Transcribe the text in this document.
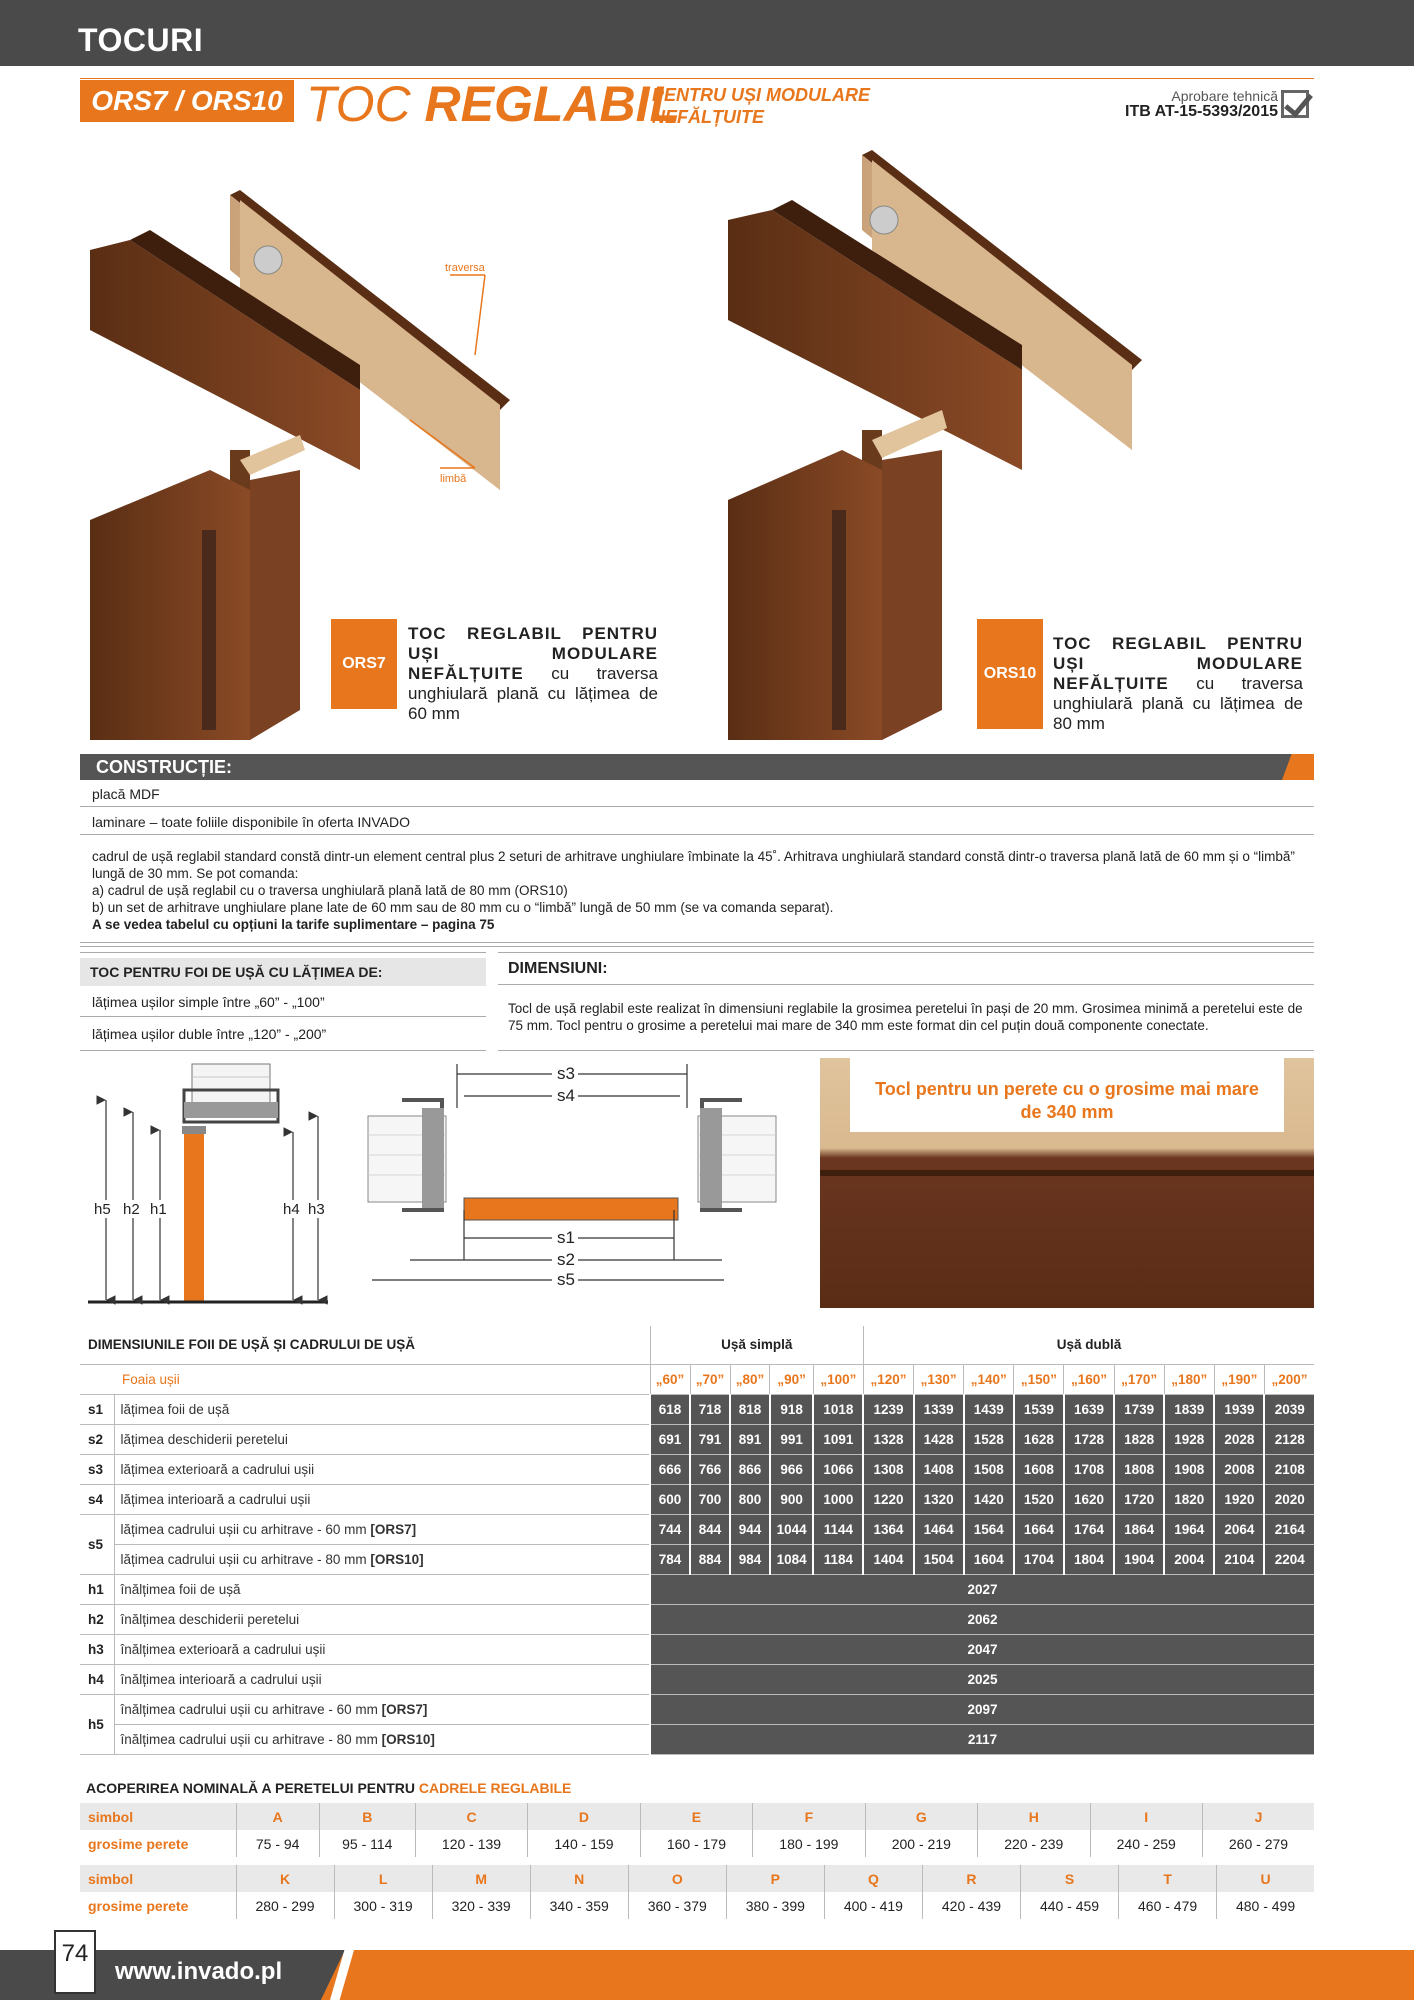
TOCURI
ORS7 / ORS10 TOC REGLABIL
PENTRU UȘI MODULARE
NEFĂLȚUITE
Aprobare tehnică
ITB AT-15-5393/2015
traversa
limbă
ORS7
TOC REGLABIL PENTRU UȘI MODULARE NEFĂLȚUITE cu traversa unghiulară plană cu lățimea de 60 mm
ORS10
TOC REGLABIL PENTRU UȘI MODULARE NEFĂLȚUITE cu traversa unghiulară plană cu lățimea de 80 mm
CONSTRUCȚIE:
placă MDF
laminare – toate foliile disponibile în oferta INVADO
cadrul de ușă reglabil standard constă dintr-un element central plus 2 seturi de arhitrave unghiulare îmbinate la 45˚. Arhitrava unghiulară standard constă dintr-o traversa plană lată de 60 mm și o “limbă” lungă de 30 mm. Se pot comanda:
a) cadrul de ușă reglabil cu o traversa unghiulară plană lată de 80 mm (ORS10)
b) un set de arhitrave unghiulare plane late de 60 mm sau de 80 mm cu o “limbă” lungă de 50 mm (se va comanda separat).
A se vedea tabelul cu opțiuni la tarife suplimentare – pagina 75
TOC PENTRU FOI DE UȘĂ CU LĂȚIMEA DE:
lățimea ușilor simple între „60” - „100”
lățimea ușilor duble între „120” - „200”
DIMENSIUNI:
Tocl de ușă reglabil este realizat în dimensiuni reglabile la grosimea peretelui în pași de 20 mm. Grosimea minimă a peretelui este de 75 mm. Tocl pentru o grosime a peretelui mai mare de 340 mm este format din cel puțin două componente conectate.
h5 h2 h1	h4 h3
s3
s4
s1
s2
s5
Tocl pentru un perete cu o grosime mai mare de 340 mm
DIMENSIUNILE FOII DE UȘĂ ȘI CADRULUI DE UȘĂ		Ușă simplă					Ușă dublă								
	Foaia ușii	„60”	„70”	„80”	„90”	„100”	„120”	„130”	„140”	„150”	„160”	„170”	„180”	„190”	„200”
s1	lățimea foii de ușă	618	718	818	918	1018	1239	1339	1439	1539	1639	1739	1839	1939	2039
s2	lățimea deschiderii peretelui	691	791	891	991	1091	1328	1428	1528	1628	1728	1828	1928	2028	2128
s3	lățimea exterioară a cadrului ușii	666	766	866	966	1066	1308	1408	1508	1608	1708	1808	1908	2008	2108
s4	lățimea interioară a cadrului ușii	600	700	800	900	1000	1220	1320	1420	1520	1620	1720	1820	1920	2020
s5	lățimea cadrului ușii cu arhitrave - 60 mm [ORS7]	744	844	944	1044	1144	1364	1464	1564	1664	1764	1864	1964	2064	2164
	lățimea cadrului ușii cu arhitrave - 80 mm [ORS10]	784	884	984	1084	1184	1404	1504	1604	1704	1804	1904	2004	2104	2204
h1	înălțimea foii de ușă	2027													
h2	înălțimea deschiderii peretelui	2062													
h3	înălțimea exterioară a cadrului ușii	2047													
h4	înălțimea interioară a cadrului ușii	2025													
h5	înălțimea cadrului ușii cu arhitrave - 60 mm [ORS7]	2097													
	înălțimea cadrului ușii cu arhitrave - 80 mm [ORS10]	2117													
ACOPERIREA NOMINALĂ A PERETELUI PENTRU CADRELE REGLABILE
simbol	A	B	C	D	E	F	G	H	I	J
grosime perete	75 - 94	95 - 114	120 - 139	140 - 159	160 - 179	180 - 199	200 - 219	220 - 239	240 - 259	260 - 279
simbol	K	L	M	N	O	P	Q	R	S	T	U
grosime perete	280 - 299	300 - 319	320 - 339	340 - 359	360 - 379	380 - 399	400 - 419	420 - 439	440 - 459	460 - 479	480 - 499
74
www.invado.pl
